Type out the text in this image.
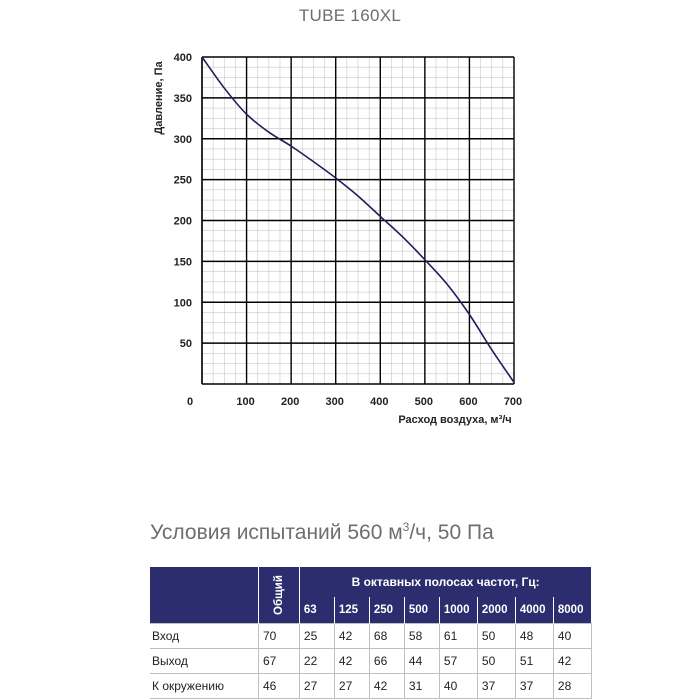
TUBE 160XL
0	100 200 300 400 500 600 700
50
100
150
200
250
300
350
400
Расход воздуха, м³/ч
Давление, Па
Условия испытаний 560 $м^3/ч$, 50 Па

	Общий	В октавных полосах частот, Гц:							
		63	125	250	500	1000	2000	4000	8000
Вход	70	25	42	68	58	61	50	48	40
Выход	67	22	42	66	44	57	50	51	42
К окружению	46	27	27	42	31	40	37	37	28
